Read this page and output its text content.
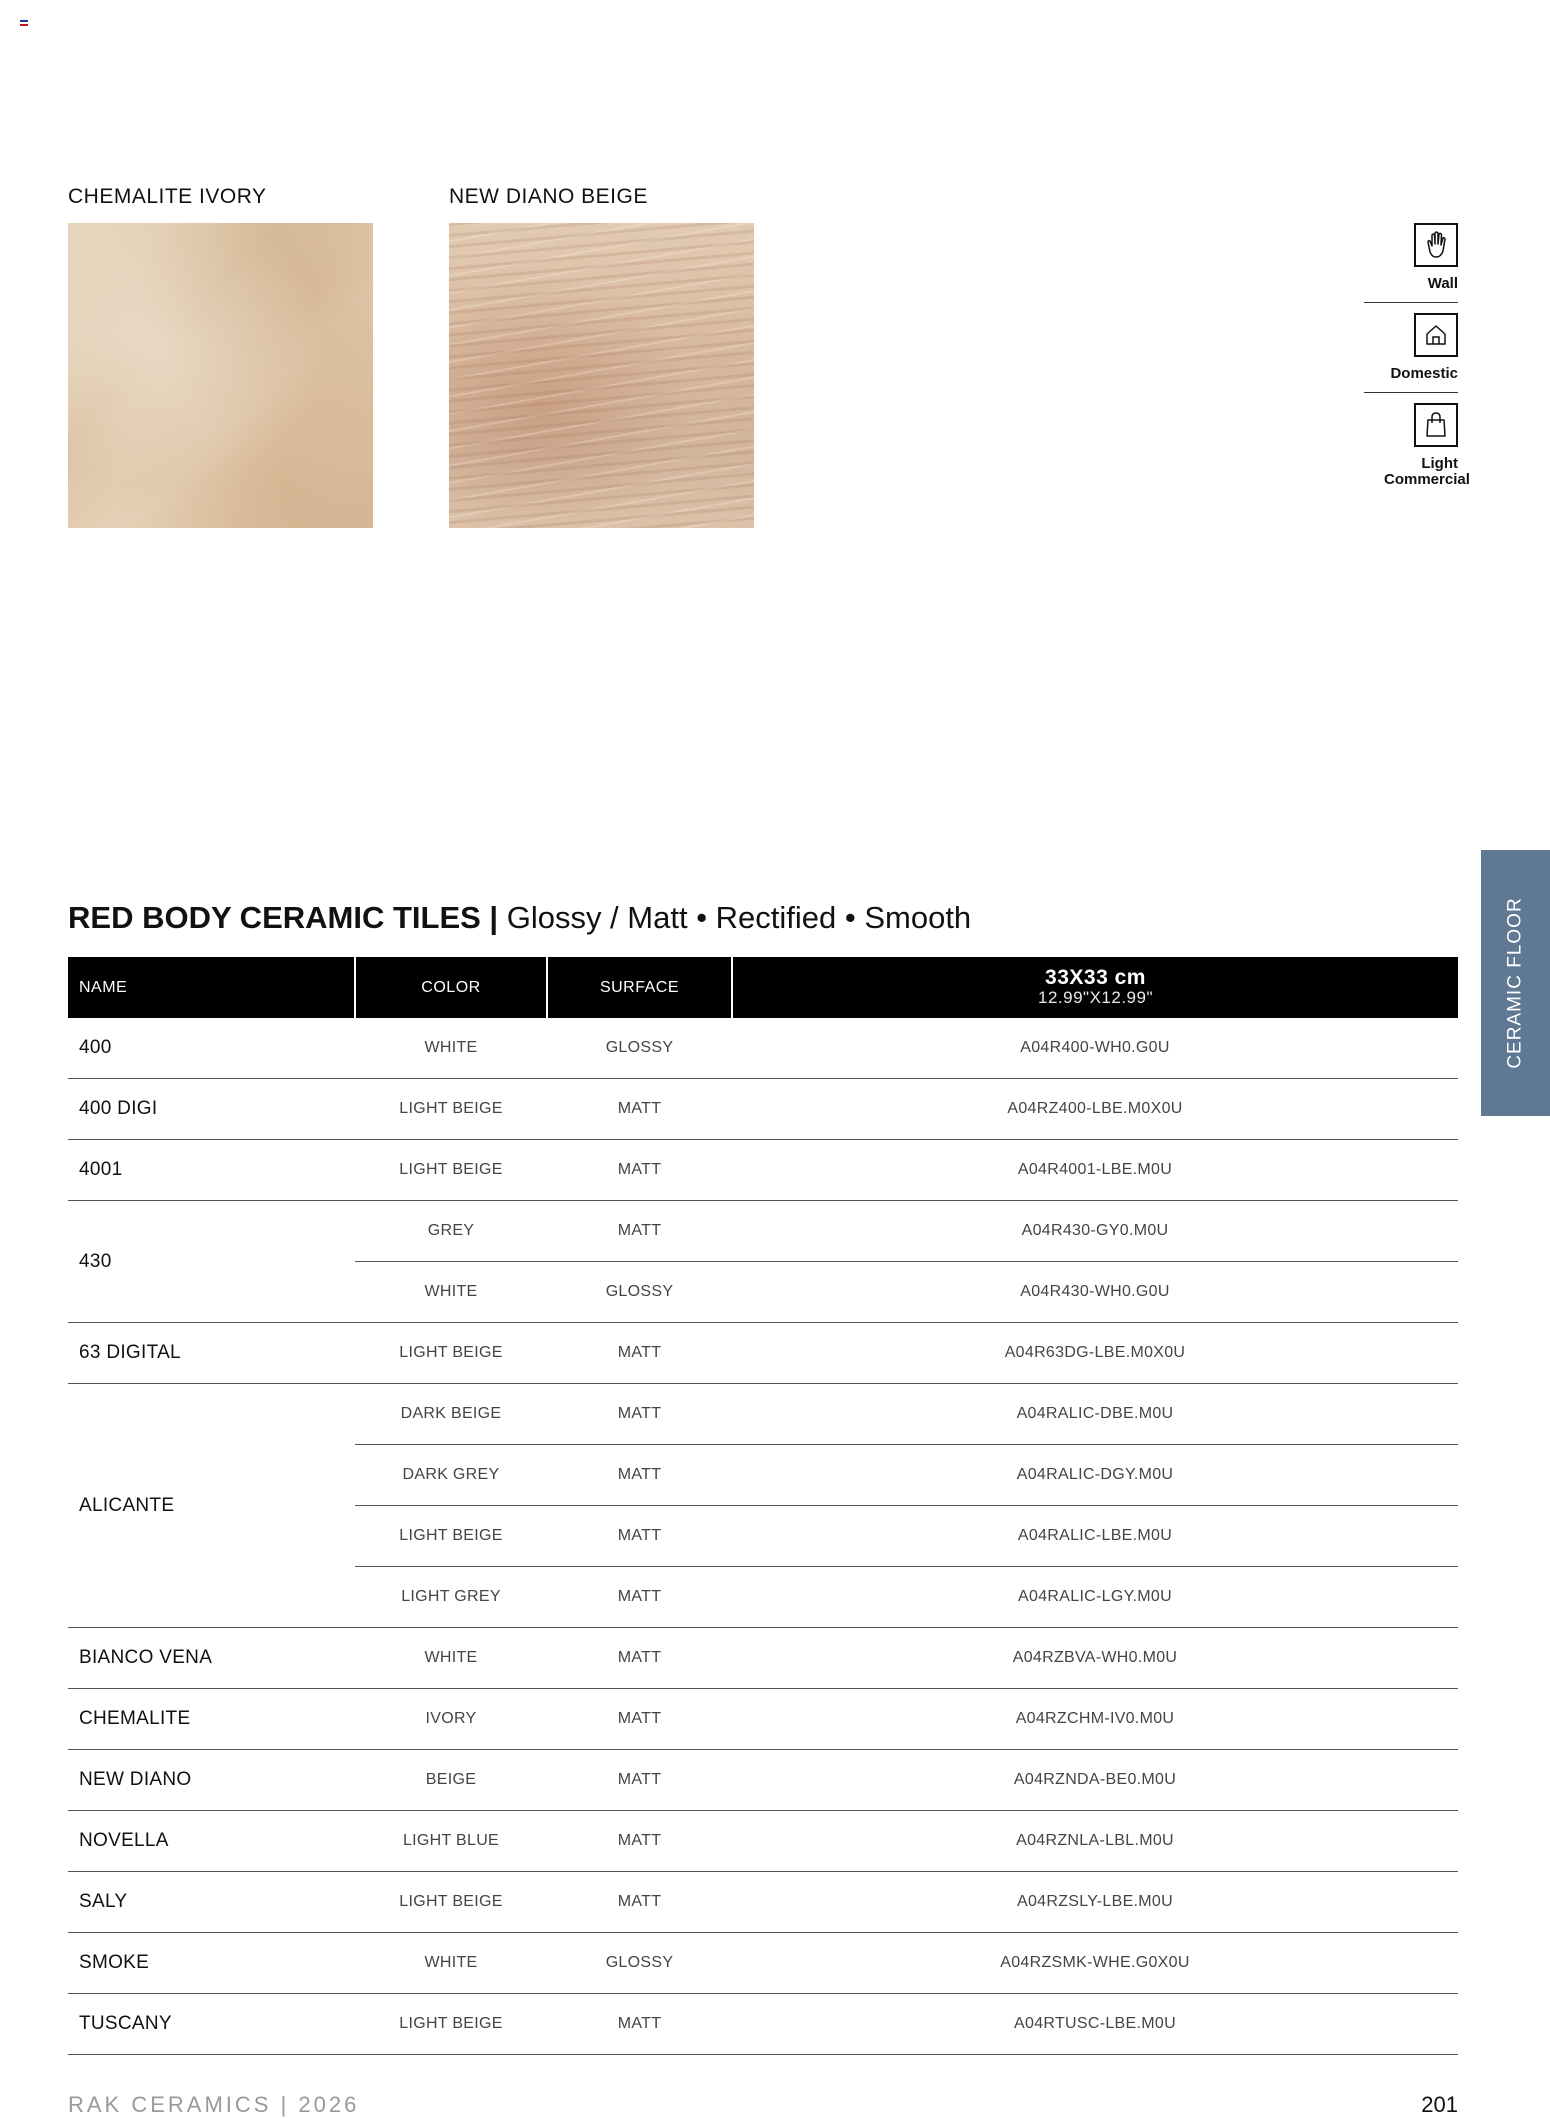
CHEMALITE IVORY	NEW DIANO BEIGE
Wall
Domestic
Light Commercial
CERAMIC FLOOR
RED BODY CERAMIC TILES | Glossy / Matt • Rectified • Smooth
NAME	COLOR	SURFACE	33X33 cm
12.99"X12.99"

400	WHITE	GLOSSY	A04R400-WH0.G0U
400 DIGI	LIGHT BEIGE	MATT	A04RZ400-LBE.M0X0U
4001	LIGHT BEIGE	MATT	A04R4001-LBE.M0U
430	GREY	MATT	A04R430-GY0.M0U
	WHITE	GLOSSY	A04R430-WH0.G0U
63 DIGITAL	LIGHT BEIGE	MATT	A04R63DG-LBE.M0X0U
ALICANTE	DARK BEIGE	MATT	A04RALIC-DBE.M0U
	DARK GREY	MATT	A04RALIC-DGY.M0U
	LIGHT BEIGE	MATT	A04RALIC-LBE.M0U
	LIGHT GREY	MATT	A04RALIC-LGY.M0U
BIANCO VENA	WHITE	MATT	A04RZBVA-WH0.M0U
CHEMALITE	IVORY	MATT	A04RZCHM-IV0.M0U
NEW DIANO	BEIGE	MATT	A04RZNDA-BE0.M0U
NOVELLA	LIGHT BLUE	MATT	A04RZNLA-LBL.M0U
SALY	LIGHT BEIGE	MATT	A04RZSLY-LBE.M0U
SMOKE	WHITE	GLOSSY	A04RZSMK-WHE.G0X0U
TUSCANY	LIGHT BEIGE	MATT	A04RTUSC-LBE.M0U
RAK CERAMICS | 2026	201
